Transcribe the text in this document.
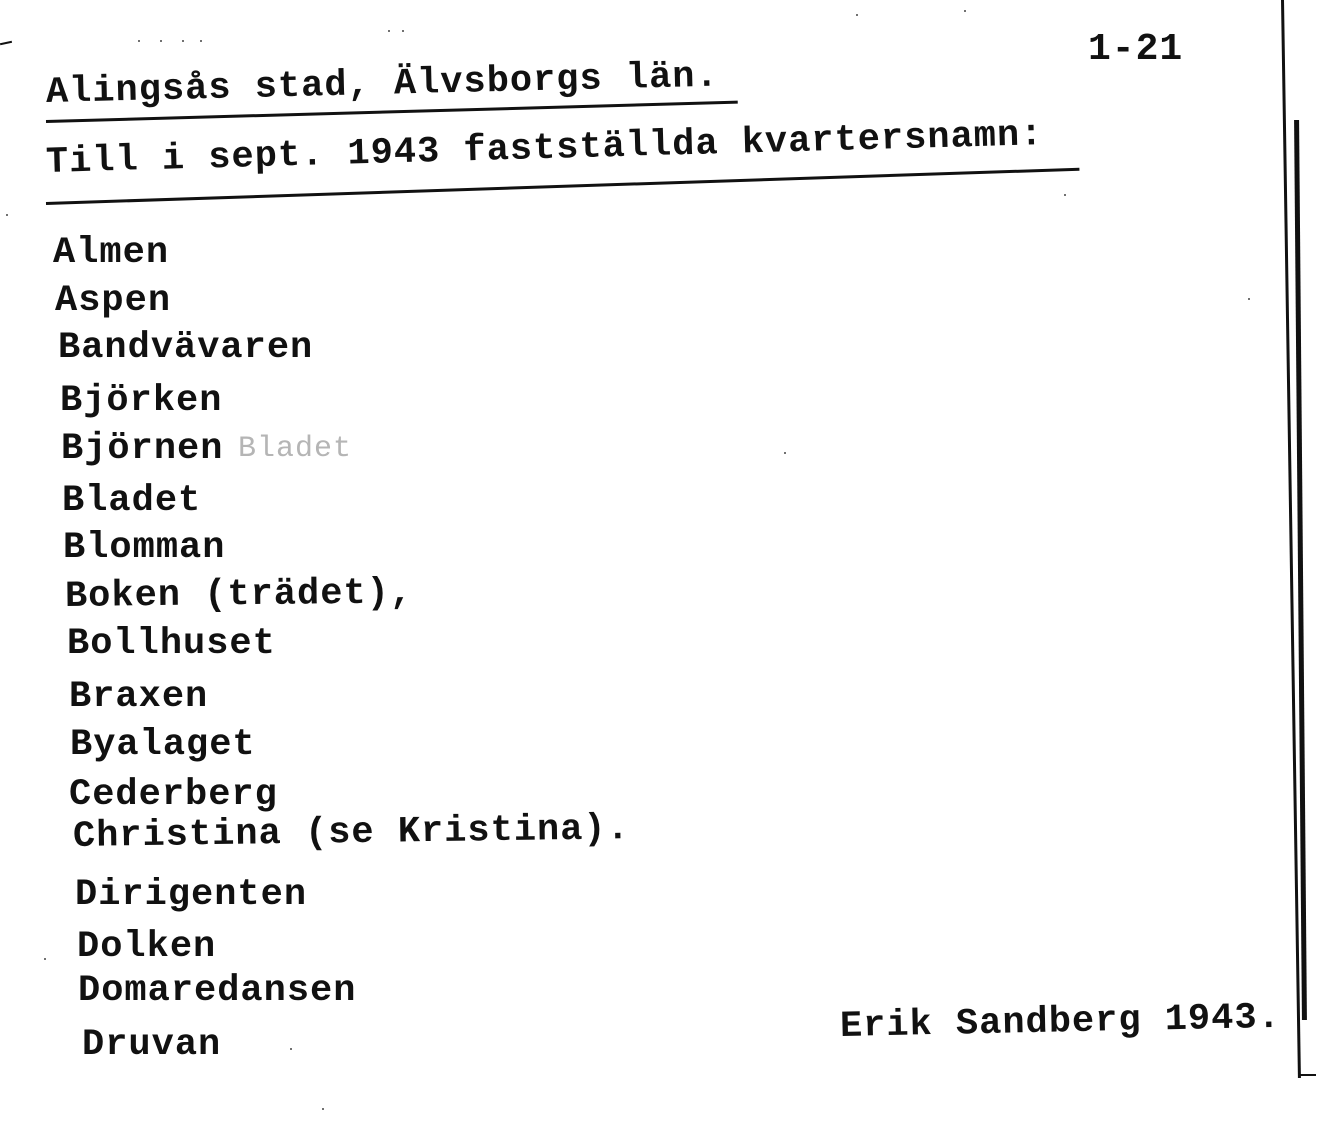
1-21
Alingsås stad, Älvsborgs län.
Till i sept. 1943 fastställda kvartersnamn:
Almen
Aspen
Bandvävaren
Björken
Björnen Bladet
Bladet
Blomman
Boken (trädet),
Bollhuset
Braxen
Byalaget
Cederberg
Christina (se Kristina).
Dirigenten
Dolken
Domaredansen
Druvan	Erik Sandberg 1943.
